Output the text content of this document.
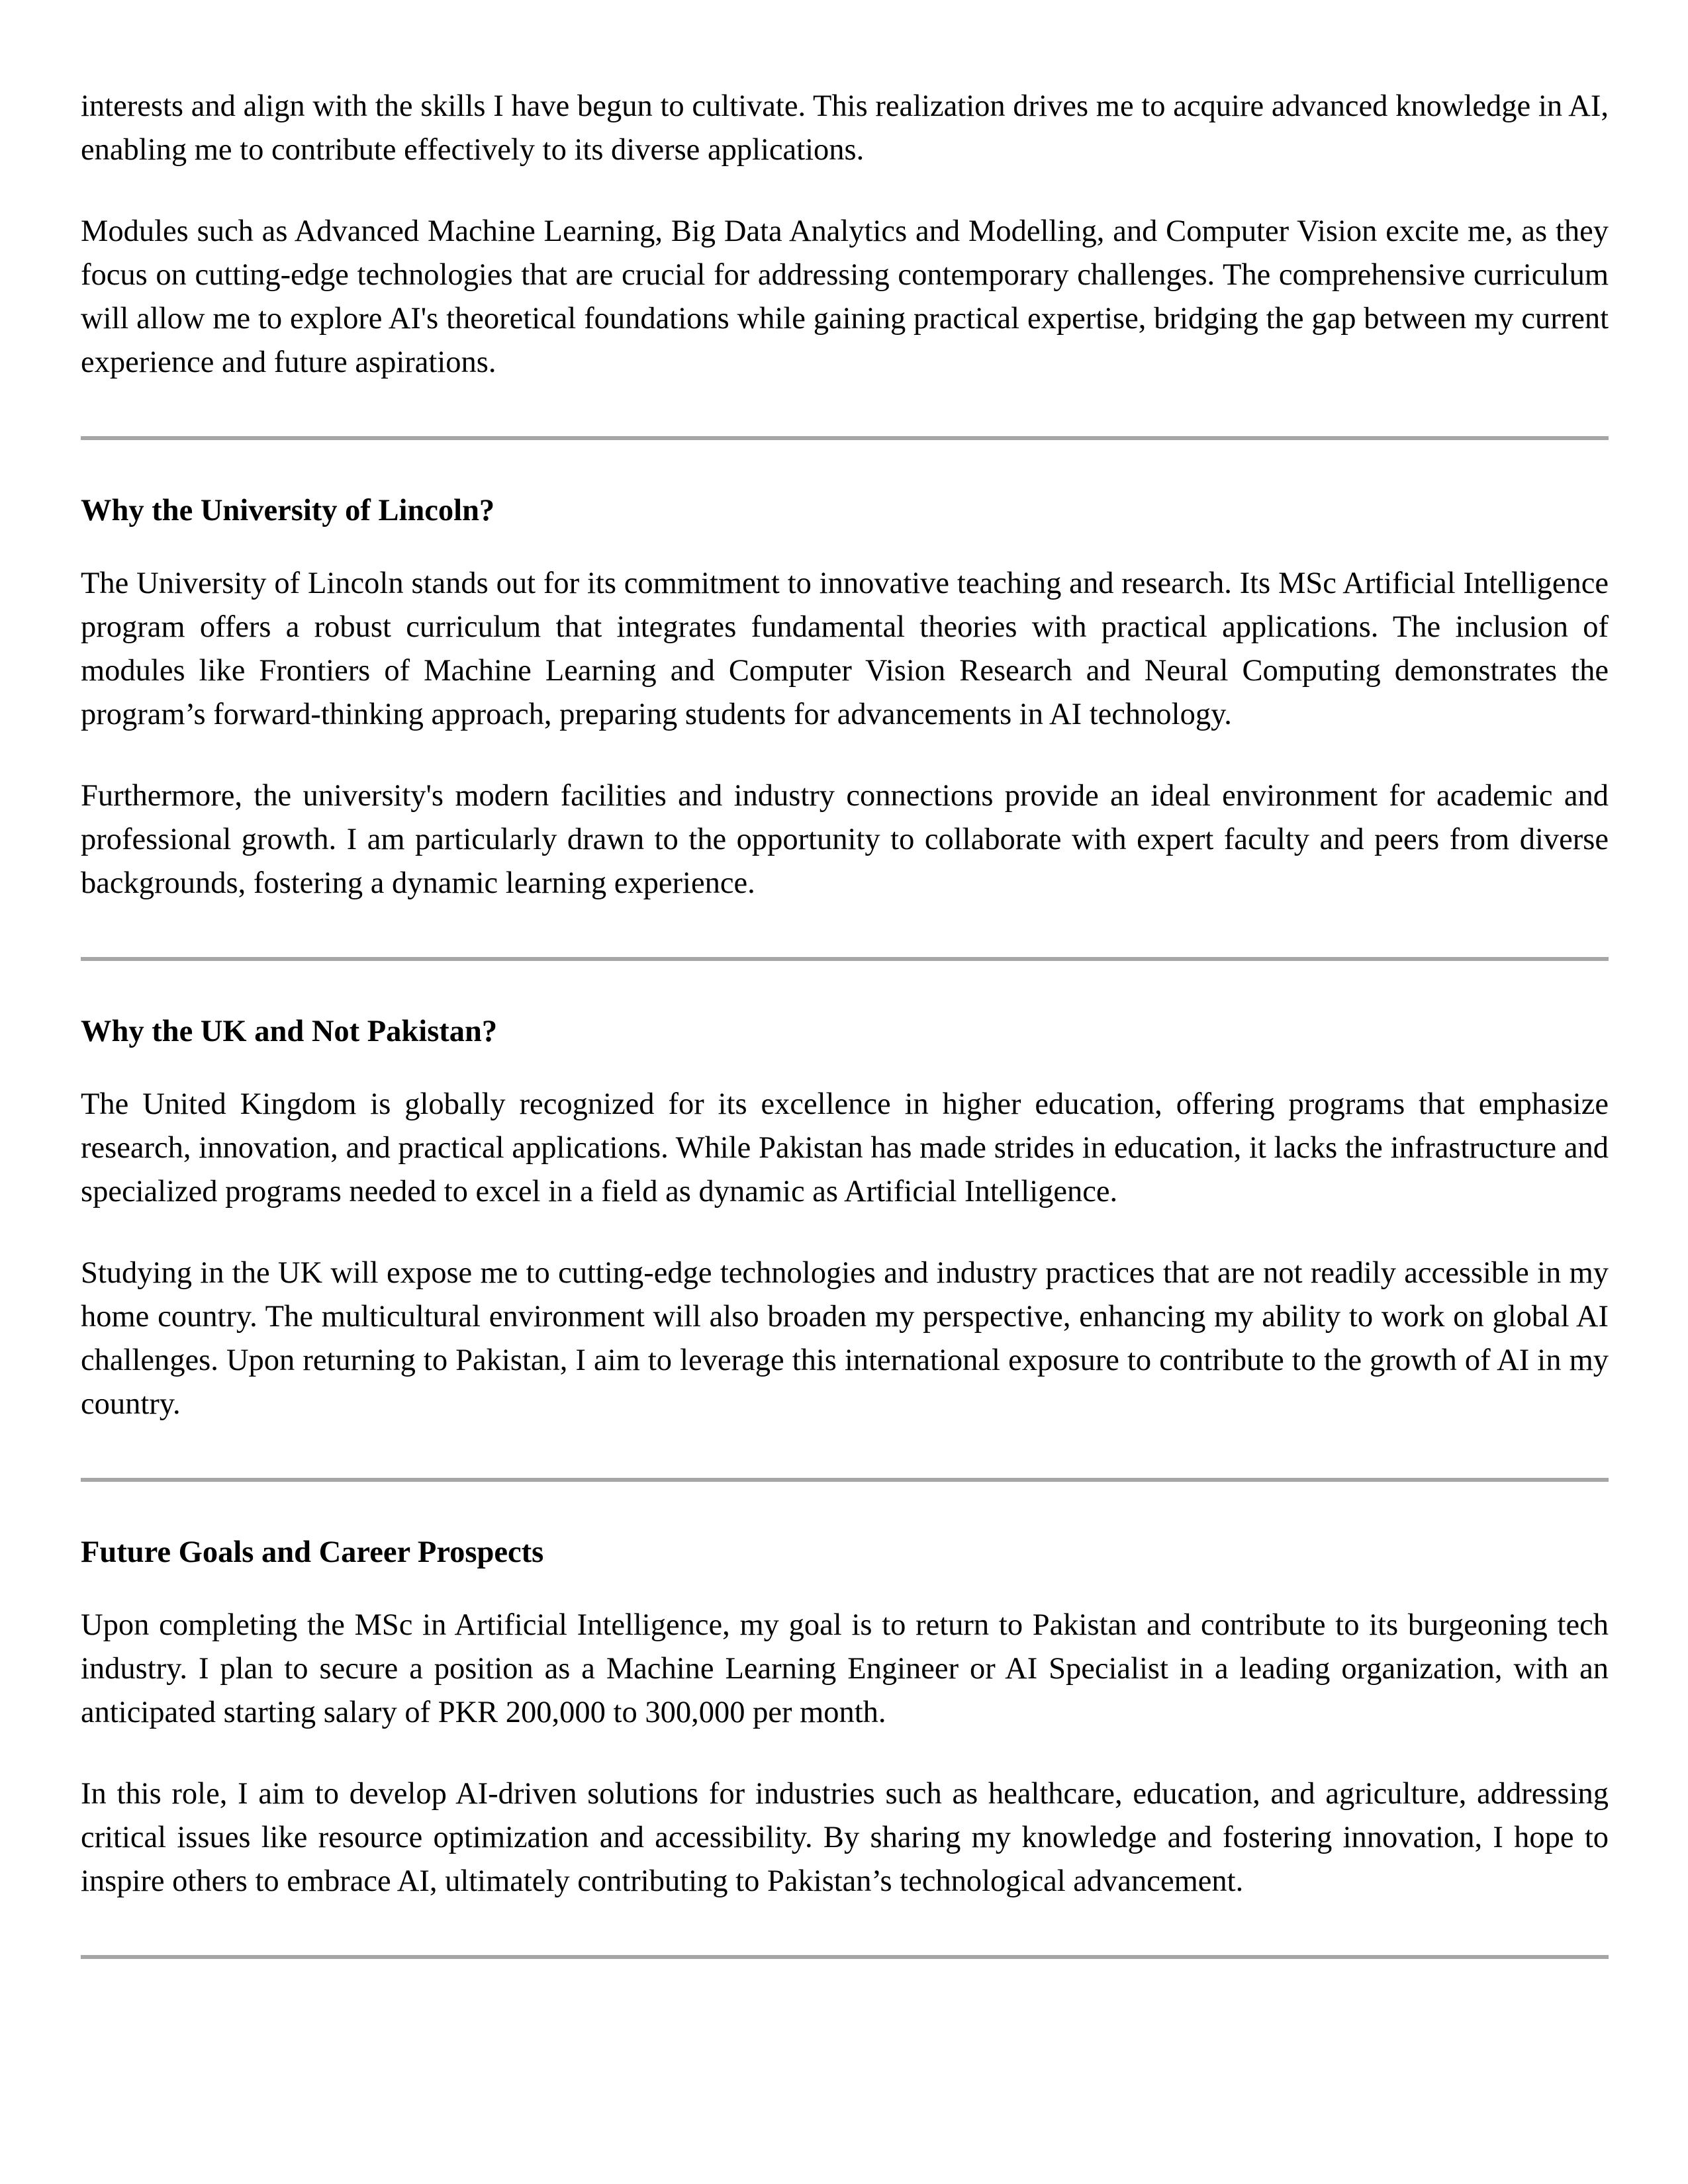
interests and align with the skills I have begun to cultivate. This realization drives me to acquire advanced knowledge in AI, enabling me to contribute effectively to its diverse applications.

Modules such as Advanced Machine Learning, Big Data Analytics and Modelling, and Computer Vision excite me, as they focus on cutting-edge technologies that are crucial for addressing contemporary challenges. The comprehensive curriculum will allow me to explore AI's theoretical foundations while gaining practical expertise, bridging the gap between my current experience and future aspirations.

Why the University of Lincoln?

The University of Lincoln stands out for its commitment to innovative teaching and research. Its MSc Artificial Intelligence program offers a robust curriculum that integrates fundamental theories with practical applications. The inclusion of modules like Frontiers of Machine Learning and Computer Vision Research and Neural Computing demonstrates the program’s forward-thinking approach, preparing students for advancements in AI technology.

Furthermore, the university's modern facilities and industry connections provide an ideal environment for academic and professional growth. I am particularly drawn to the opportunity to collaborate with expert faculty and peers from diverse backgrounds, fostering a dynamic learning experience.

Why the UK and Not Pakistan?

The United Kingdom is globally recognized for its excellence in higher education, offering programs that emphasize research, innovation, and practical applications. While Pakistan has made strides in education, it lacks the infrastructure and specialized programs needed to excel in a field as dynamic as Artificial Intelligence.

Studying in the UK will expose me to cutting-edge technologies and industry practices that are not readily accessible in my home country. The multicultural environment will also broaden my perspective, enhancing my ability to work on global AI challenges. Upon returning to Pakistan, I aim to leverage this international exposure to contribute to the growth of AI in my country.

Future Goals and Career Prospects

Upon completing the MSc in Artificial Intelligence, my goal is to return to Pakistan and contribute to its burgeoning tech industry. I plan to secure a position as a Machine Learning Engineer or AI Specialist in a leading organization, with an anticipated starting salary of PKR 200,000 to 300,000 per month.

In this role, I aim to develop AI-driven solutions for industries such as healthcare, education, and agriculture, addressing critical issues like resource optimization and accessibility. By sharing my knowledge and fostering innovation, I hope to inspire others to embrace AI, ultimately contributing to Pakistan’s technological advancement.
